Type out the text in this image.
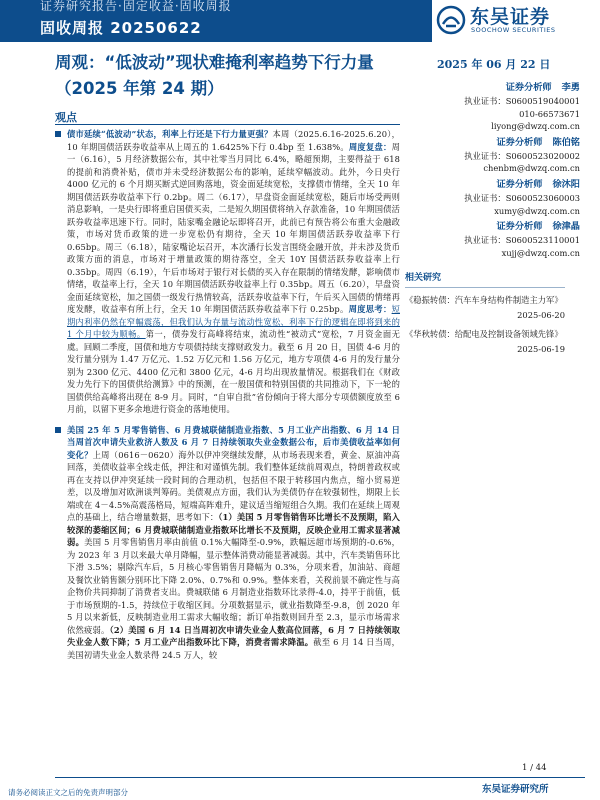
证券研究报告·固定收益·固收周报
固收周报 20250622	东吴证券
SOOCHOW SECURITIES
周观：“低波动”现状难掩利率趋势下行力量（2025 年第 24 期）
2025 年 06 月 22 日
观点

债市延续“低波动”状态，利率上行还是下行力量更强？本周（2025.6.16-2025.6.20），10 年期国债活跃券收益率从上周五的 1.6425%下行 0.4bp 至 1.638%。周度复盘：周一（6.16），5 月经济数据公布，其中社零当月同比 6.4%，略超预期，主要得益于 618 的提前和消费补贴，债市并未受经济数据公布的影响，延续窄幅波动。此外，今日央行 4000 亿元的 6 个月期买断式逆回购落地，资金面延续宽松，支撑债市情绪，全天 10 年期国债活跃券收益率下行 0.2bp。周二（6.17），早盘资金面延续宽松，随后市场受两则消息影响，一是央行即将重启国债买卖，二是短久期国债将纳入存款准备，10 年期国债活跃券收益率迅速下行。同时，陆家嘴金融论坛即将召开，此前已有预告将公布重大金融政策，市场对货币政策的进一步宽松仍有期待，全天 10 年期国债活跃券收益率下行 0.65bp。周三（6.18），陆家嘴论坛召开，本次潘行长发言围绕金融开放，并未涉及货币政策方面的消息，市场对于增量政策的期待落空，全天 10Y 国债活跃券收益率上行 0.35bp。周四（6.19），午后市场对于银行对长债的买入存在限制的情绪发酵，影响债市情绪，收益率上行，全天 10 年期国债活跃券收益率上行 0.35bp。周五（6.20），早盘资金面延续宽松，加之国债一级发行热情较高，活跃券收益率下行，午后买入国债的情绪再度发酵，收益率有所上行，全天 10 年期国债活跃券收益率下行 0.25bp。周度思考：短期内利率仍然在窄幅震荡，但我们认为存量与流动性宽松、利率下行的逻辑在即将到来的 1 个月中较为顺畅。第一，债券发行高峰将结束，流动性“被动式”宽松，7 月资金面无虞。回顾二季度，国债和地方专项债持续支撑财政发力。截至 6 月 20 日，国债 4-6 月的发行量分别为 1.47 万亿元、1.52 万亿元和 1.56 万亿元，地方专项债 4-6 月的发行量分别为 2300 亿元、4400 亿元和 3800 亿元，4-6 月均出现放量情况。根据我们在《财政发力先行下的国债供给测算》中的预测，在一般国债和特别国债的共同推动下，下一轮的国债供给高峰将出现在 8-9 月。同时，“自审自批”省份倾向于将大部分专项债额度放至 6 月前，以留下更多余地进行资金的落地使用。

美国 25 年 5 月零售销售、6 月费城联储制造业指数、5 月工业产出指数、6 月 14 日当周首次申请失业救济人数及 6 月 7 日持续领取失业金数据公布，后市美债收益率如何变化？上周（0616－0620）海外以伊冲突继续发酵，从市场表现来看，黄金、原油冲高回落，美债收益率全线走低，押注和对谨慎先制。我们整体延续前周观点，特朗普政权或再在支持以伊冲突延续一段时间的合理动机，包括但不限于转移国内焦点，缩小贸易逆差，以及增加对欧洲谈判筹码。美债观点方面，我们认为美债仍存在较强韧性，期限上长端或在 4－4.5%高震荡格局，短端高阵难升，建议适当缩短组合久期。我们在延续上周观点的基础上，结合增量数据，思考如下：（1）美国 5 月零售销售环比增长不及预期，陷入较深的萎缩区间；6 月费城联储制造业指数环比增长不及预期，反映企业用工需求显著减弱。美国 5 月零售销售月率由前值 0.1%大幅降至-0.9%，跌幅远超市场预期的-0.6%，为 2023 年 3 月以来最大单月降幅，显示整体消费动能显著减弱。其中，汽车类销售环比下滑 3.5%；剔除汽车后，5 月核心零售销售月降幅为 0.3%，分项来看，加油站、商超及餐饮业销售额分别环比下降 2.0%、0.7%和 0.9%。整体来看，关税前景不确定性与高企物价共同抑制了消费者支出。费城联储 6 月制造业指数环比录得-4.0，持平于前值，低于市场预期的-1.5，持续位于收缩区间。分项数据显示，就业指数降至-9.8，创 2020 年 5 月以来新低，反映制造业用工需求大幅收缩；新订单指数则回升至 2.3，显示市场需求依然疲弱。（2）美国 6 月 14 日当周初次申请失业金人数高位回落，6 月 7 日持续领取失业金人数下降；5 月工业产出指数环比下降，消费者需求降温。截至 6 月 14 日当周，美国初请失业金人数录得 24.5 万人，较

证券分析师 李勇
执业证书：S0600519040001
010-66573671
liyong@dwzq.com.cn
证券分析师 陈伯铭
执业证书：S0600523020002
chenbm@dwzq.com.cn
证券分析师 徐沐阳
执业证书：S0600523060003
xumy@dwzq.com.cn
证券分析师 徐津晶
执业证书：S0600523110001
xujj@dwzq.com.cn
相关研究
《稳振转债：汽车车身结构件制造主力军》
2025-06-20
《华秋转债：给配电及控制设备领域先锋》
2025-06-19
1 / 44
东吴证券研究所
请务必阅读正文之后的免责声明部分
